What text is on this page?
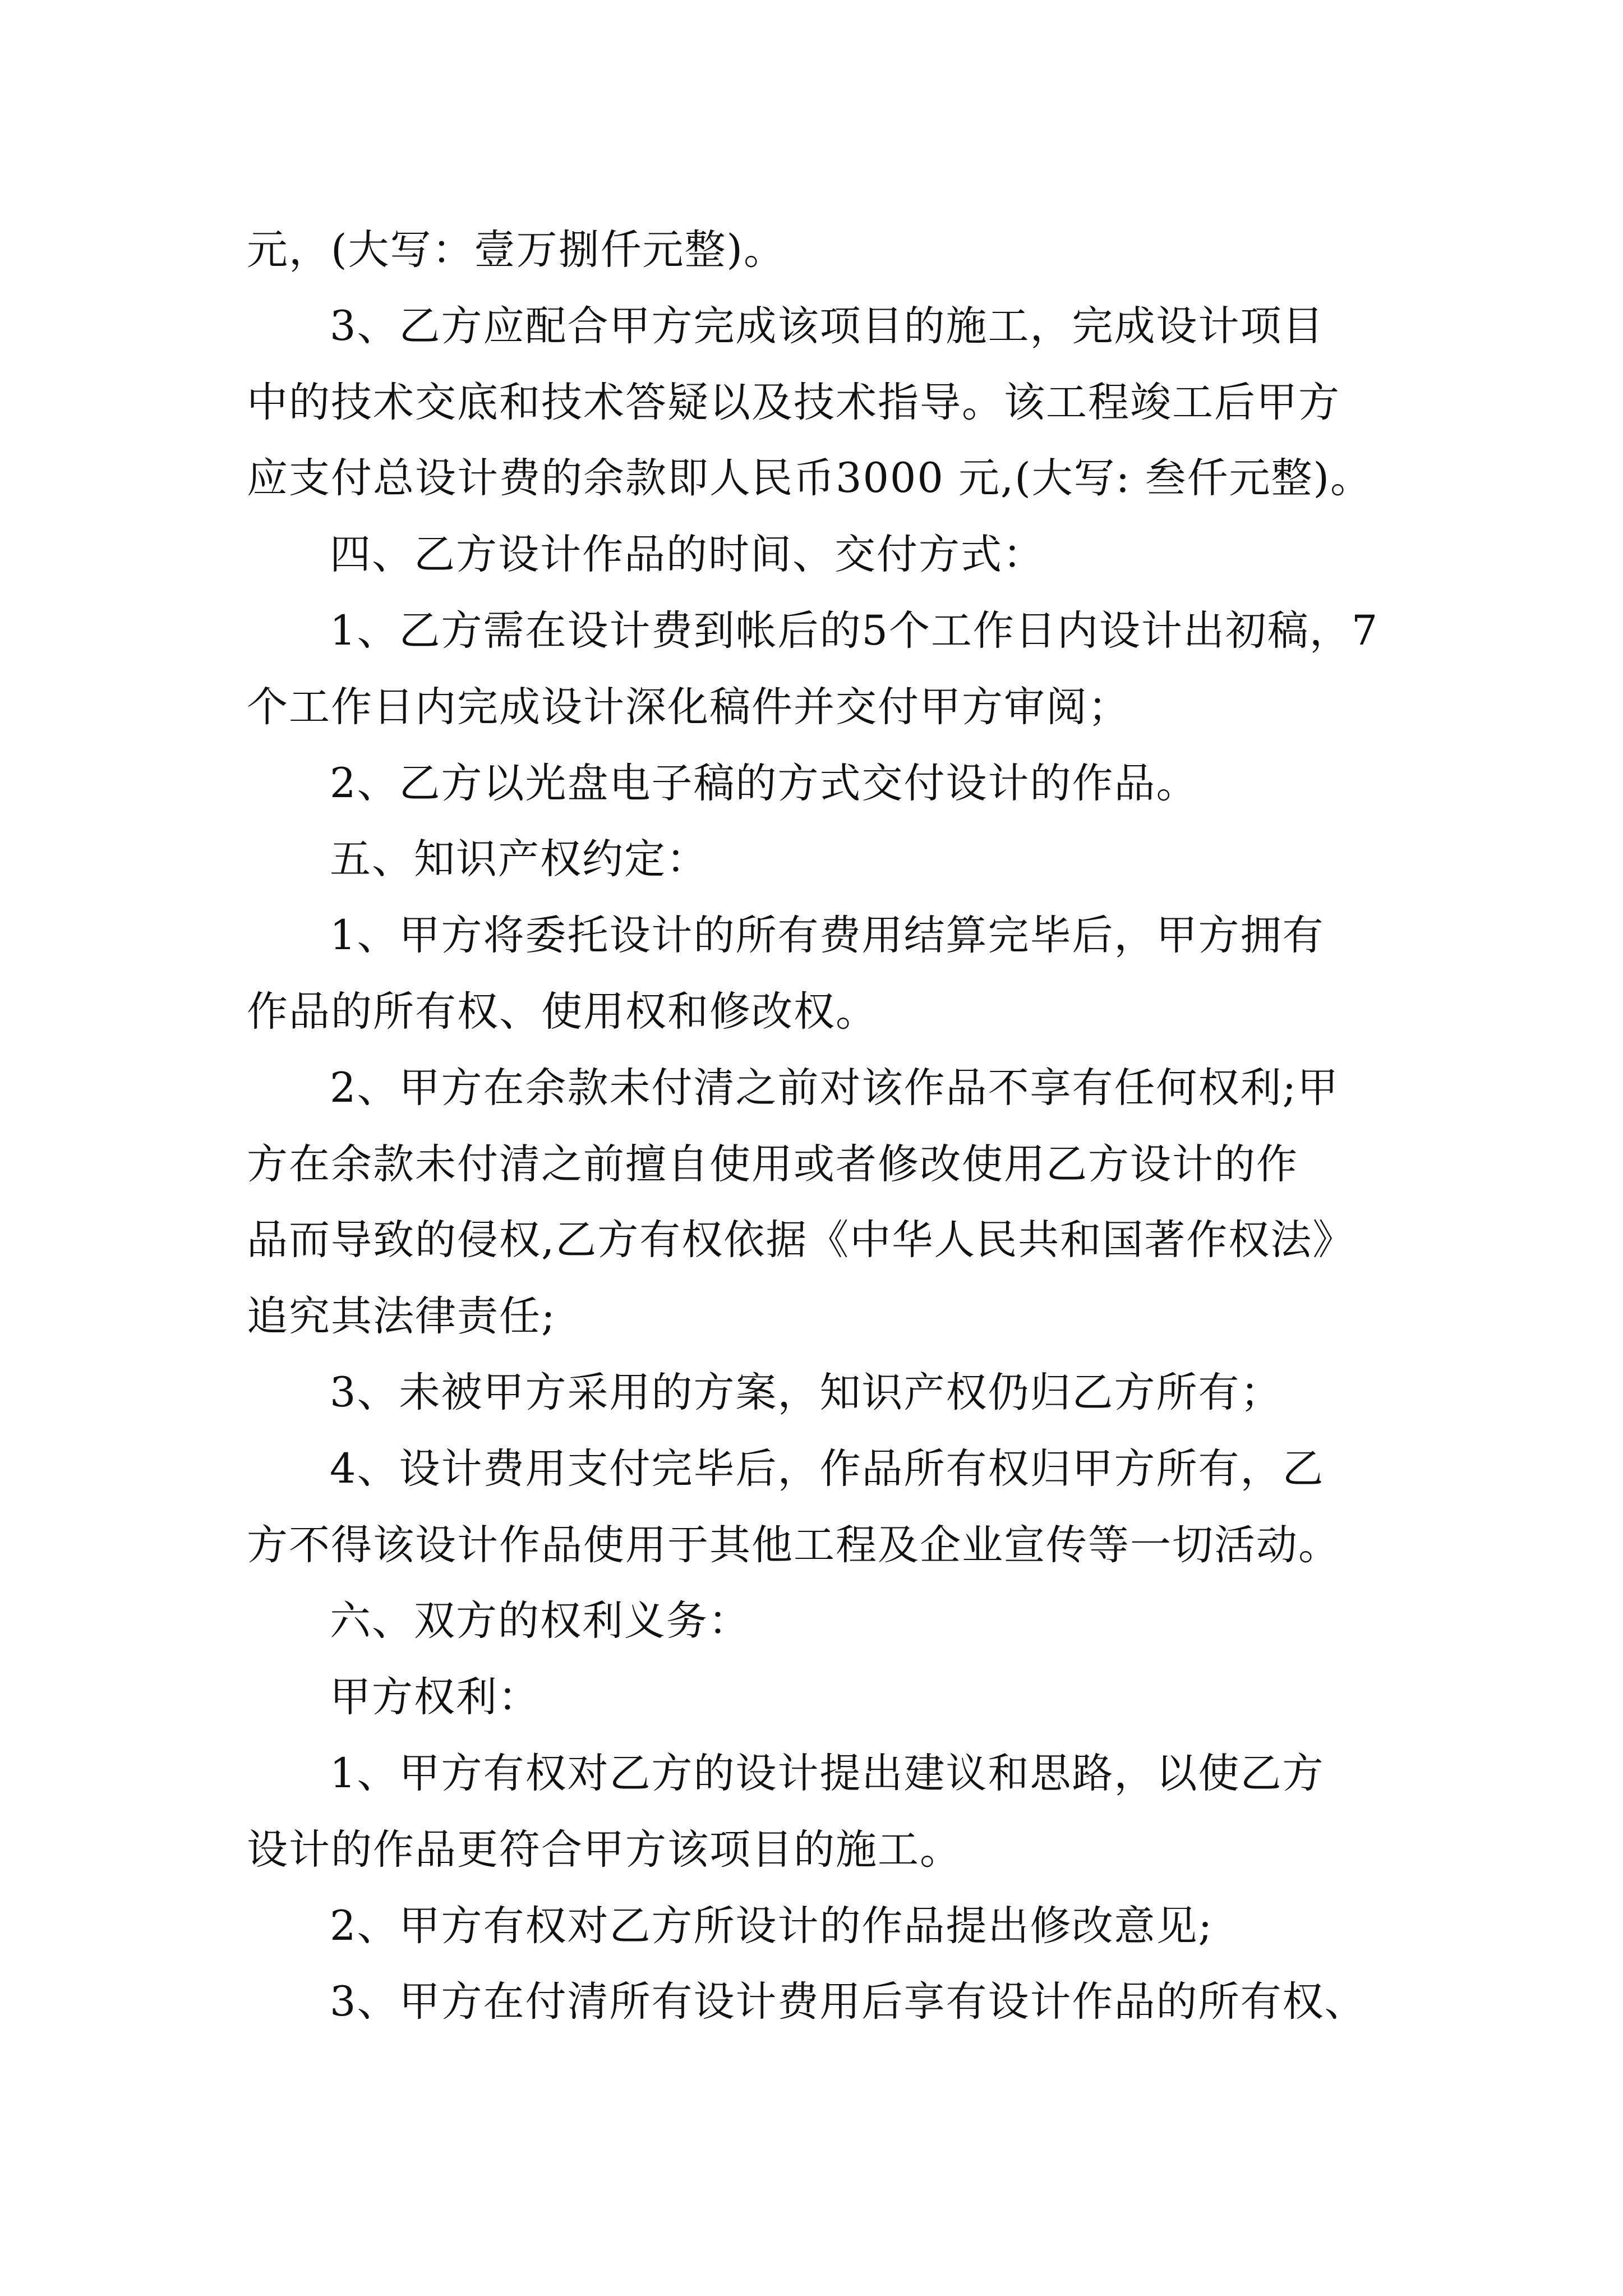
元，(大写：壹万捌仟元整)。
3、乙方应配合甲方完成该项目的施工，完成设计项目
中的技术交底和技术答疑以及技术指导。该工程竣工后甲方
应支付总设计费的余款即人民币3000 元,(大写: 叁仟元整)。
四、乙方设计作品的时间、交付方式：
1、乙方需在设计费到帐后的5个工作日内设计出初稿，7
个工作日内完成设计深化稿件并交付甲方审阅；
2、乙方以光盘电子稿的方式交付设计的作品。
五、知识产权约定：
1、甲方将委托设计的所有费用结算完毕后，甲方拥有
作品的所有权、使用权和修改权。
2、甲方在余款未付清之前对该作品不享有任何权利;甲
方在余款未付清之前擅自使用或者修改使用乙方设计的作
品而导致的侵权,乙方有权依据《中华人民共和国著作权法》
追究其法律责任;
3、未被甲方采用的方案，知识产权仍归乙方所有；
4、设计费用支付完毕后，作品所有权归甲方所有，乙
方不得该设计作品使用于其他工程及企业宣传等一切活动。
六、双方的权利义务：
甲方权利：
1、甲方有权对乙方的设计提出建议和思路，以使乙方
设计的作品更符合甲方该项目的施工。
2、甲方有权对乙方所设计的作品提出修改意见;
3、甲方在付清所有设计费用后享有设计作品的所有权、
